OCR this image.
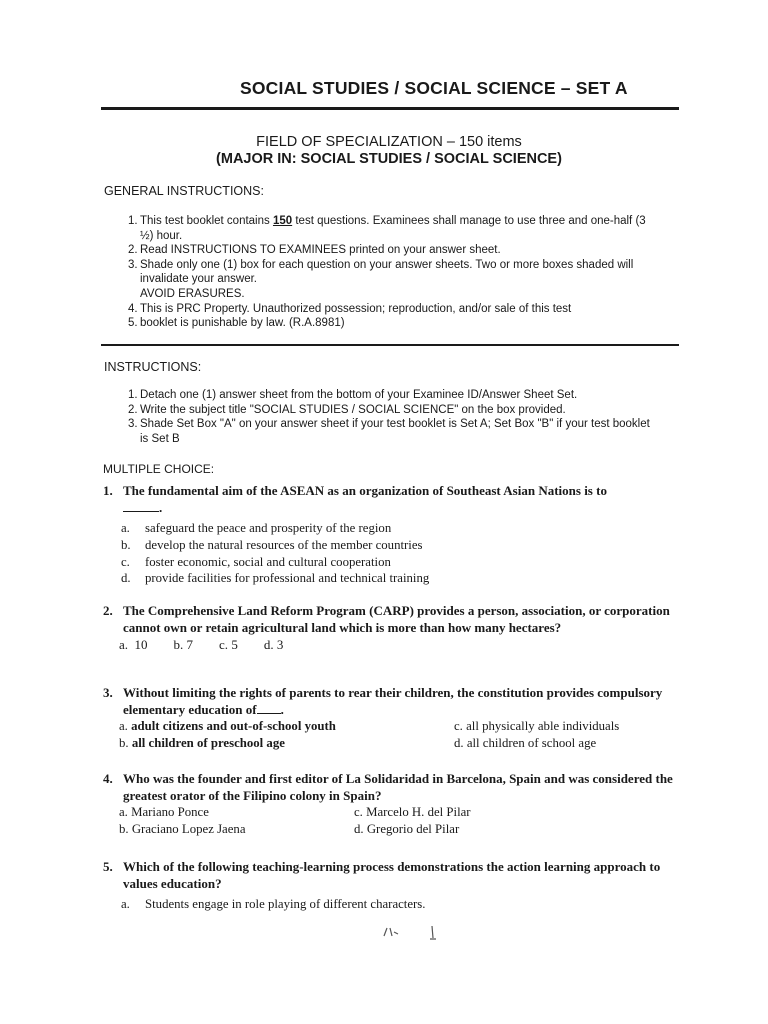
SOCIAL STUDIES / SOCIAL SCIENCE – SET A
FIELD OF SPECIALIZATION – 150 items
(MAJOR IN: SOCIAL STUDIES / SOCIAL SCIENCE)
GENERAL INSTRUCTIONS:
1. This test booklet contains 150 test questions. Examinees shall manage to use three and one-half (3 ½) hour.
2. Read INSTRUCTIONS TO EXAMINEES printed on your answer sheet.
3. Shade only one (1) box for each question on your answer sheets. Two or more boxes shaded will invalidate your answer.
AVOID ERASURES.
4. This is PRC Property. Unauthorized possession; reproduction, and/or sale of this test
5. booklet is punishable by law. (R.A.8981)
INSTRUCTIONS:
1. Detach one (1) answer sheet from the bottom of your Examinee ID/Answer Sheet Set.
2. Write the subject title "SOCIAL STUDIES / SOCIAL SCIENCE" on the box provided.
3. Shade Set Box "A" on your answer sheet if your test booklet is Set A; Set Box "B" if your test booklet is Set B
MULTIPLE CHOICE:
1. The fundamental aim of the ASEAN as an organization of Southeast Asian Nations is to
.
a.	safeguard the peace and prosperity of the region
b.	develop the natural resources of the member countries
c.	foster economic, social and cultural cooperation
d.	provide facilities for professional and technical training
2. The Comprehensive Land Reform Program (CARP) provides a person, association, or corporation cannot own or retain agricultural land which is more than how many hectares?
a. 10 b. 7 c. 5 d. 3
3. Without limiting the rights of parents to rear their children, the constitution provides compulsory elementary education of .
a. adult citizens and out-of-school youth	c. all physically able individuals
b. all children of preschool age	d. all children of school age
4. Who was the founder and first editor of La Solidaridad in Barcelona, Spain and was considered the greatest orator of the Filipino colony in Spain?
a. Mariano Ponce	c. Marcelo H. del Pilar
b. Graciano Lopez Jaena	d. Gregorio del Pilar
5. Which of the following teaching-learning process demonstrations the action learning approach to values education?
a.	Students engage in role playing of different characters.
